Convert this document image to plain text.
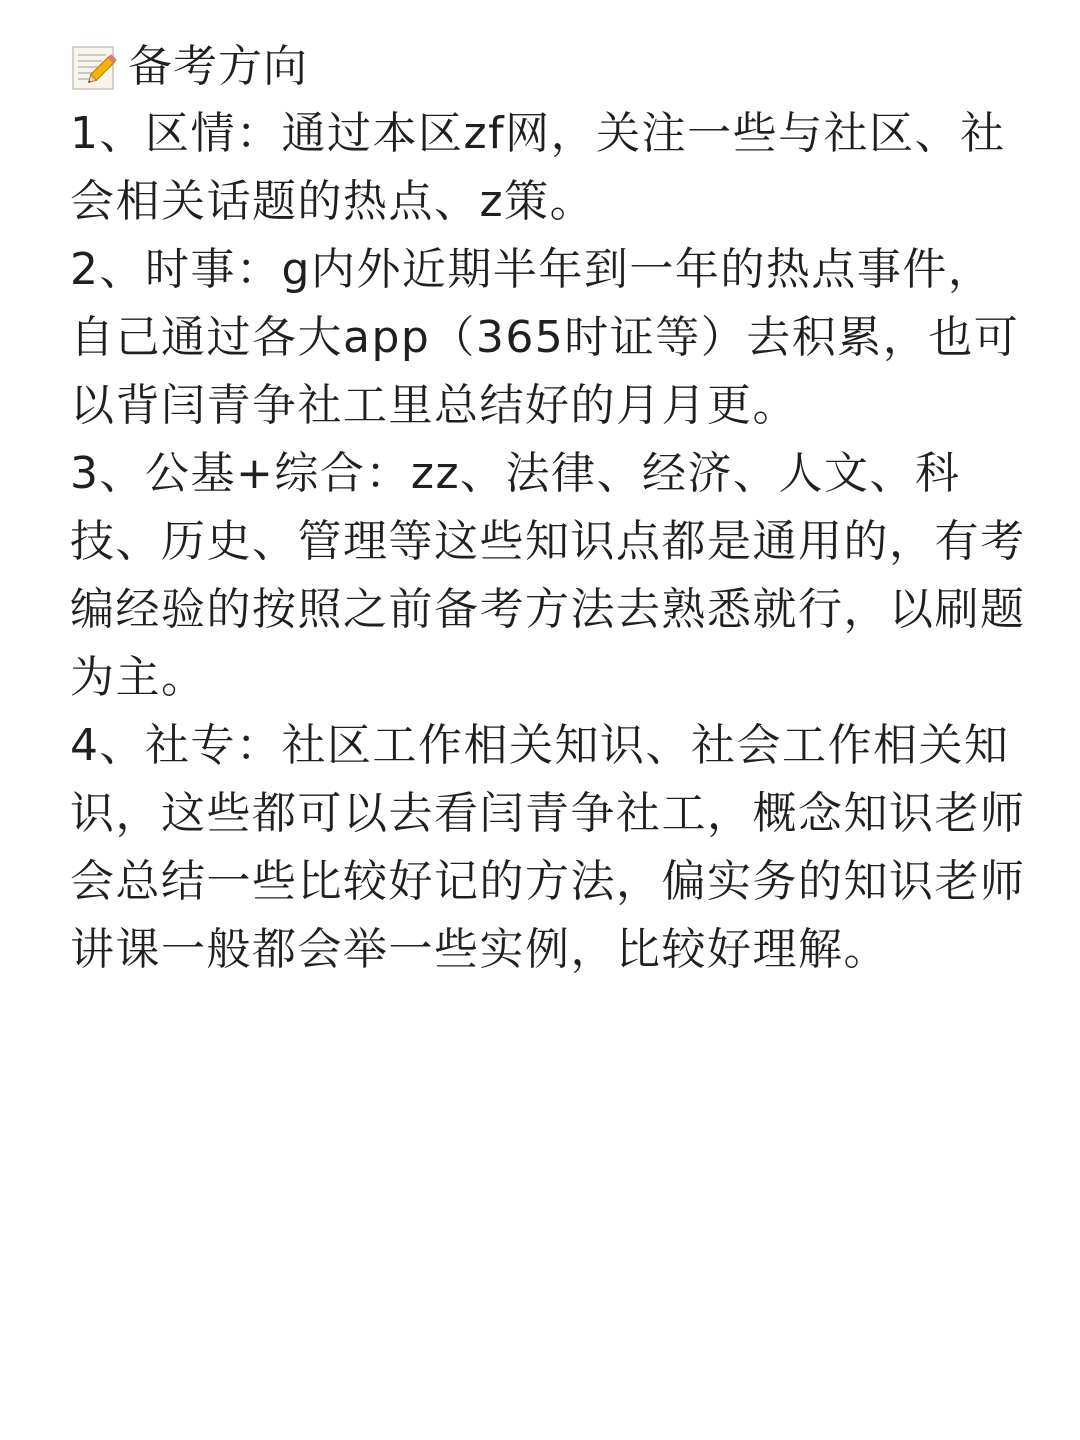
备考方向

1、区情：通过本区zf网，关注一些与社区、社会相关话题的热点、z策。

2、时事：g内外近期半年到一年的热点事件，自己通过各大app（365时证等）去积累，也可以背闫青争社工里总结好的月月更。

3、公基+综合：zz、法律、经济、人文、科技、历史、管理等这些知识点都是通用的，有考编经验的按照之前备考方法去熟悉就行，以刷题为主。

4、社专：社区工作相关知识、社会工作相关知识，这些都可以去看闫青争社工，概念知识老师会总结一些比较好记的方法，偏实务的知识老师讲课一般都会举一些实例，比较好理解。
